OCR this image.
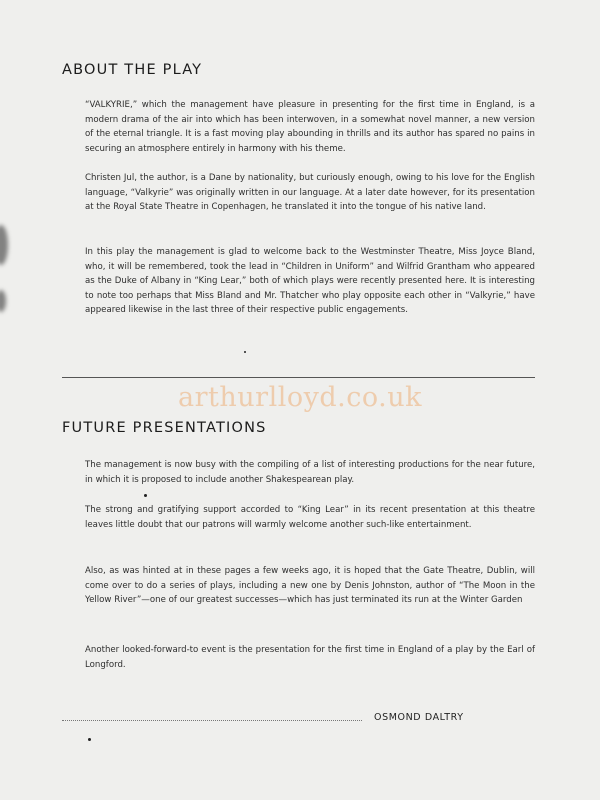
ABOUT THE PLAY

“VALKYRIE,” which the management have pleasure in presenting for the first time in England, is a modern drama of the air into which has been interwoven, in a somewhat novel manner, a new version of the eternal triangle. It is a fast moving play abounding in thrills and its author has spared no pains in securing an atmosphere entirely in harmony with his theme.

Christen Jul, the author, is a Dane by nationality, but curiously enough, owing to his love for the English language, “Valkyrie” was originally written in our language. At a later date however, for its presentation at the Royal State Theatre in Copenhagen, he translated it into the tongue of his native land.

In this play the management is glad to welcome back to the Westminster Theatre, Miss Joyce Bland, who, it will be remembered, took the lead in “Children in Uniform” and Wilfrid Grantham who appeared as the Duke of Albany in “King Lear,” both of which plays were recently presented here. It is interesting to note too perhaps that Miss Bland and Mr. Thatcher who play opposite each other in “Valkyrie,” have appeared likewise in the last three of their respective public engagements.

arthurlloyd.co.uk
FUTURE PRESENTATIONS

The management is now busy with the compiling of a list of interesting productions for the near future, in which it is proposed to include another Shakespearean play.

The strong and gratifying support accorded to “King Lear” in its recent presentation at this theatre leaves little doubt that our patrons will warmly welcome another such-like entertainment.

Also, as was hinted at in these pages a few weeks ago, it is hoped that the Gate Theatre, Dublin, will come over to do a series of plays, including a new one by Denis Johnston, author of “The Moon in the Yellow River”—one of our greatest successes—which has just terminated its run at the Winter Garden

Another looked-forward-to event is the presentation for the first time in England of a play by the Earl of Longford.

OSMOND DALTRY
